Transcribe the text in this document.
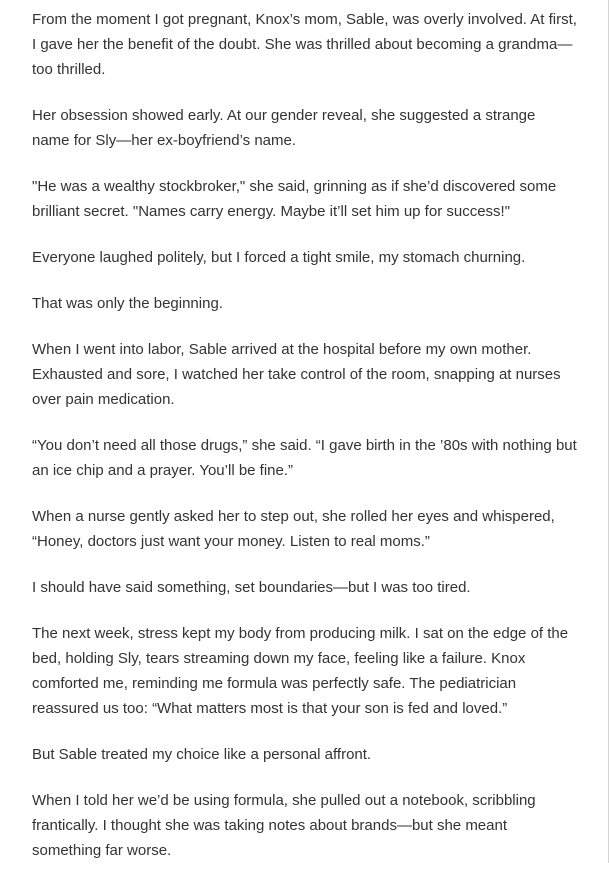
From the moment I got pregnant, Knox’s mom, Sable, was overly involved. At first, I gave her the benefit of the doubt. She was thrilled about becoming a grandma—too thrilled.

Her obsession showed early. At our gender reveal, she suggested a strange name for Sly—her ex-boyfriend’s name.

"He was a wealthy stockbroker," she said, grinning as if she’d discovered some brilliant secret. "Names carry energy. Maybe it’ll set him up for success!"

Everyone laughed politely, but I forced a tight smile, my stomach churning.

That was only the beginning.

When I went into labor, Sable arrived at the hospital before my own mother. Exhausted and sore, I watched her take control of the room, snapping at nurses over pain medication.

“You don’t need all those drugs,” she said. “I gave birth in the ’80s with nothing but an ice chip and a prayer. You’ll be fine.”

When a nurse gently asked her to step out, she rolled her eyes and whispered, “Honey, doctors just want your money. Listen to real moms.”

I should have said something, set boundaries—but I was too tired.

The next week, stress kept my body from producing milk. I sat on the edge of the bed, holding Sly, tears streaming down my face, feeling like a failure. Knox comforted me, reminding me formula was perfectly safe. The pediatrician reassured us too: “What matters most is that your son is fed and loved.”

But Sable treated my choice like a personal affront.

When I told her we’d be using formula, she pulled out a notebook, scribbling frantically. I thought she was taking notes about brands—but she meant something far worse.
